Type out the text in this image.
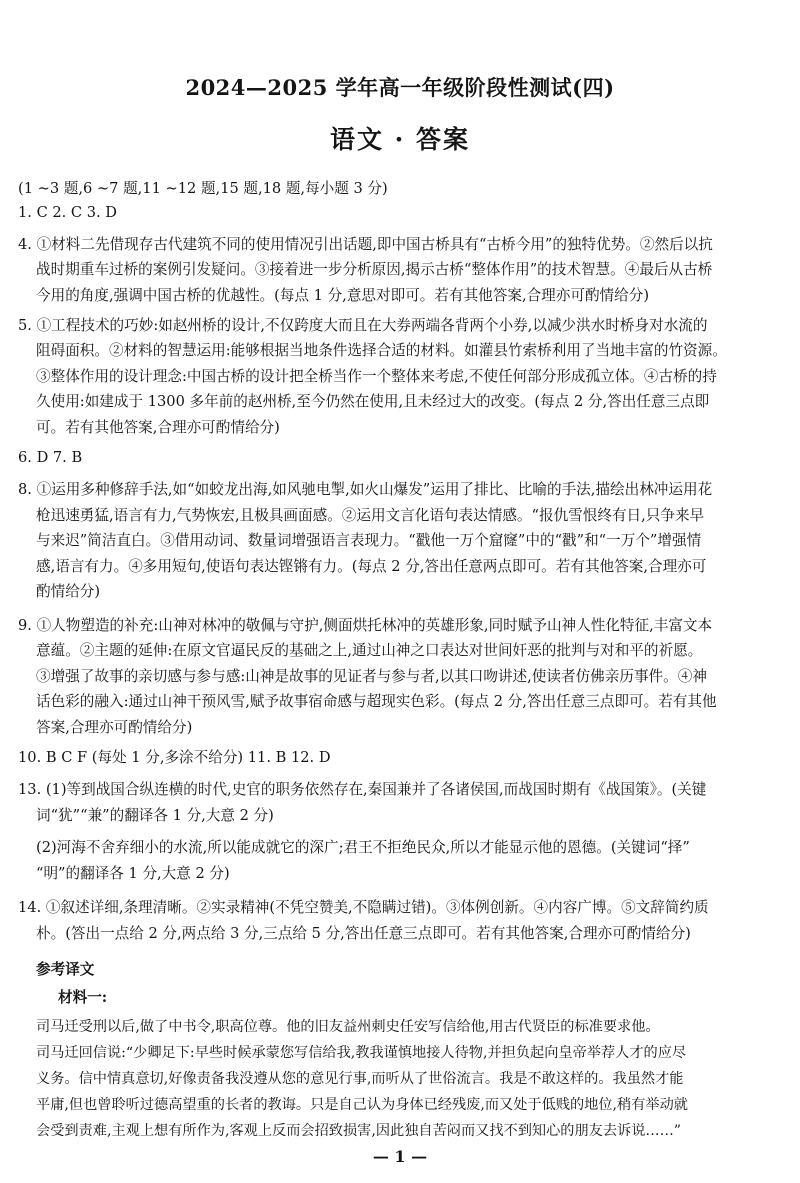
2024—2025 学年高一年级阶段性测试(四)
语文 · 答案
(1 ~3 题,6 ~7 题,11 ~12 题,15 题,18 题,每小题 3 分)
1. C 2. C 3. D
4. ①材料二先借现存古代建筑不同的使用情况引出话题,即中国古桥具有“古桥今用”的独特优势。②然后以抗
战时期重车过桥的案例引发疑问。③接着进一步分析原因,揭示古桥“整体作用”的技术智慧。④最后从古桥
今用的角度,强调中国古桥的优越性。(每点 1 分,意思对即可。若有其他答案,合理亦可酌情给分)
5. ①工程技术的巧妙:如赵州桥的设计,不仅跨度大而且在大券两端各背两个小券,以减少洪水时桥身对水流的
阻碍面积。②材料的智慧运用:能够根据当地条件选择合适的材料。如灌县竹索桥利用了当地丰富的竹资源。
③整体作用的设计理念:中国古桥的设计把全桥当作一个整体来考虑,不使任何部分形成孤立体。④古桥的持
久使用:如建成于 1300 多年前的赵州桥,至今仍然在使用,且未经过大的改变。(每点 2 分,答出任意三点即
可。若有其他答案,合理亦可酌情给分)
6. D 7. B
8. ①运用多种修辞手法,如“如蛟龙出海,如风驰电掣,如火山爆发”运用了排比、比喻的手法,描绘出林冲运用花
枪迅速勇猛,语言有力,气势恢宏,且极具画面感。②运用文言化语句表达情感。“报仇雪恨终有日,只争来早
与来迟”简洁直白。③借用动词、数量词增强语言表现力。“戳他一万个窟窿”中的“戳”和“一万个”增强情
感,语言有力。④多用短句,使语句表达铿锵有力。(每点 2 分,答出任意两点即可。若有其他答案,合理亦可
酌情给分)
9. ①人物塑造的补充:山神对林冲的敬佩与守护,侧面烘托林冲的英雄形象,同时赋予山神人性化特征,丰富文本
意蕴。②主题的延伸:在原文官逼民反的基础之上,通过山神之口表达对世间奸恶的批判与对和平的祈愿。
③增强了故事的亲切感与参与感:山神是故事的见证者与参与者,以其口吻讲述,使读者仿佛亲历事件。④神
话色彩的融入:通过山神干预风雪,赋予故事宿命感与超现实色彩。(每点 2 分,答出任意三点即可。若有其他
答案,合理亦可酌情给分)
10. B C F (每处 1 分,多涂不给分) 11. B 12. D
13. (1)等到战国合纵连横的时代,史官的职务依然存在,秦国兼并了各诸侯国,而战国时期有《战国策》。(关键
词“犹”“兼”的翻译各 1 分,大意 2 分)
(2)河海不舍弃细小的水流,所以能成就它的深广;君王不拒绝民众,所以才能显示他的恩德。(关键词“择”
“明”的翻译各 1 分,大意 2 分)
14. ①叙述详细,条理清晰。②实录精神(不凭空赞美,不隐瞒过错)。③体例创新。④内容广博。⑤文辞简约质
朴。(答出一点给 2 分,两点给 3 分,三点给 5 分,答出任意三点即可。若有其他答案,合理亦可酌情给分)
参考译文
材料一:
司马迁受刑以后,做了中书令,职高位尊。他的旧友益州刺史任安写信给他,用古代贤臣的标准要求他。
司马迁回信说:“少卿足下:早些时候承蒙您写信给我,教我谨慎地接人待物,并担负起向皇帝举荐人才的应尽
义务。信中情真意切,好像责备我没遵从您的意见行事,而听从了世俗流言。我是不敢这样的。我虽然才能
平庸,但也曾聆听过德高望重的长者的教诲。只是自己认为身体已经残废,而又处于低贱的地位,稍有举动就
会受到责难,主观上想有所作为,客观上反而会招致损害,因此独自苦闷而又找不到知心的朋友去诉说……”
— 1 —
